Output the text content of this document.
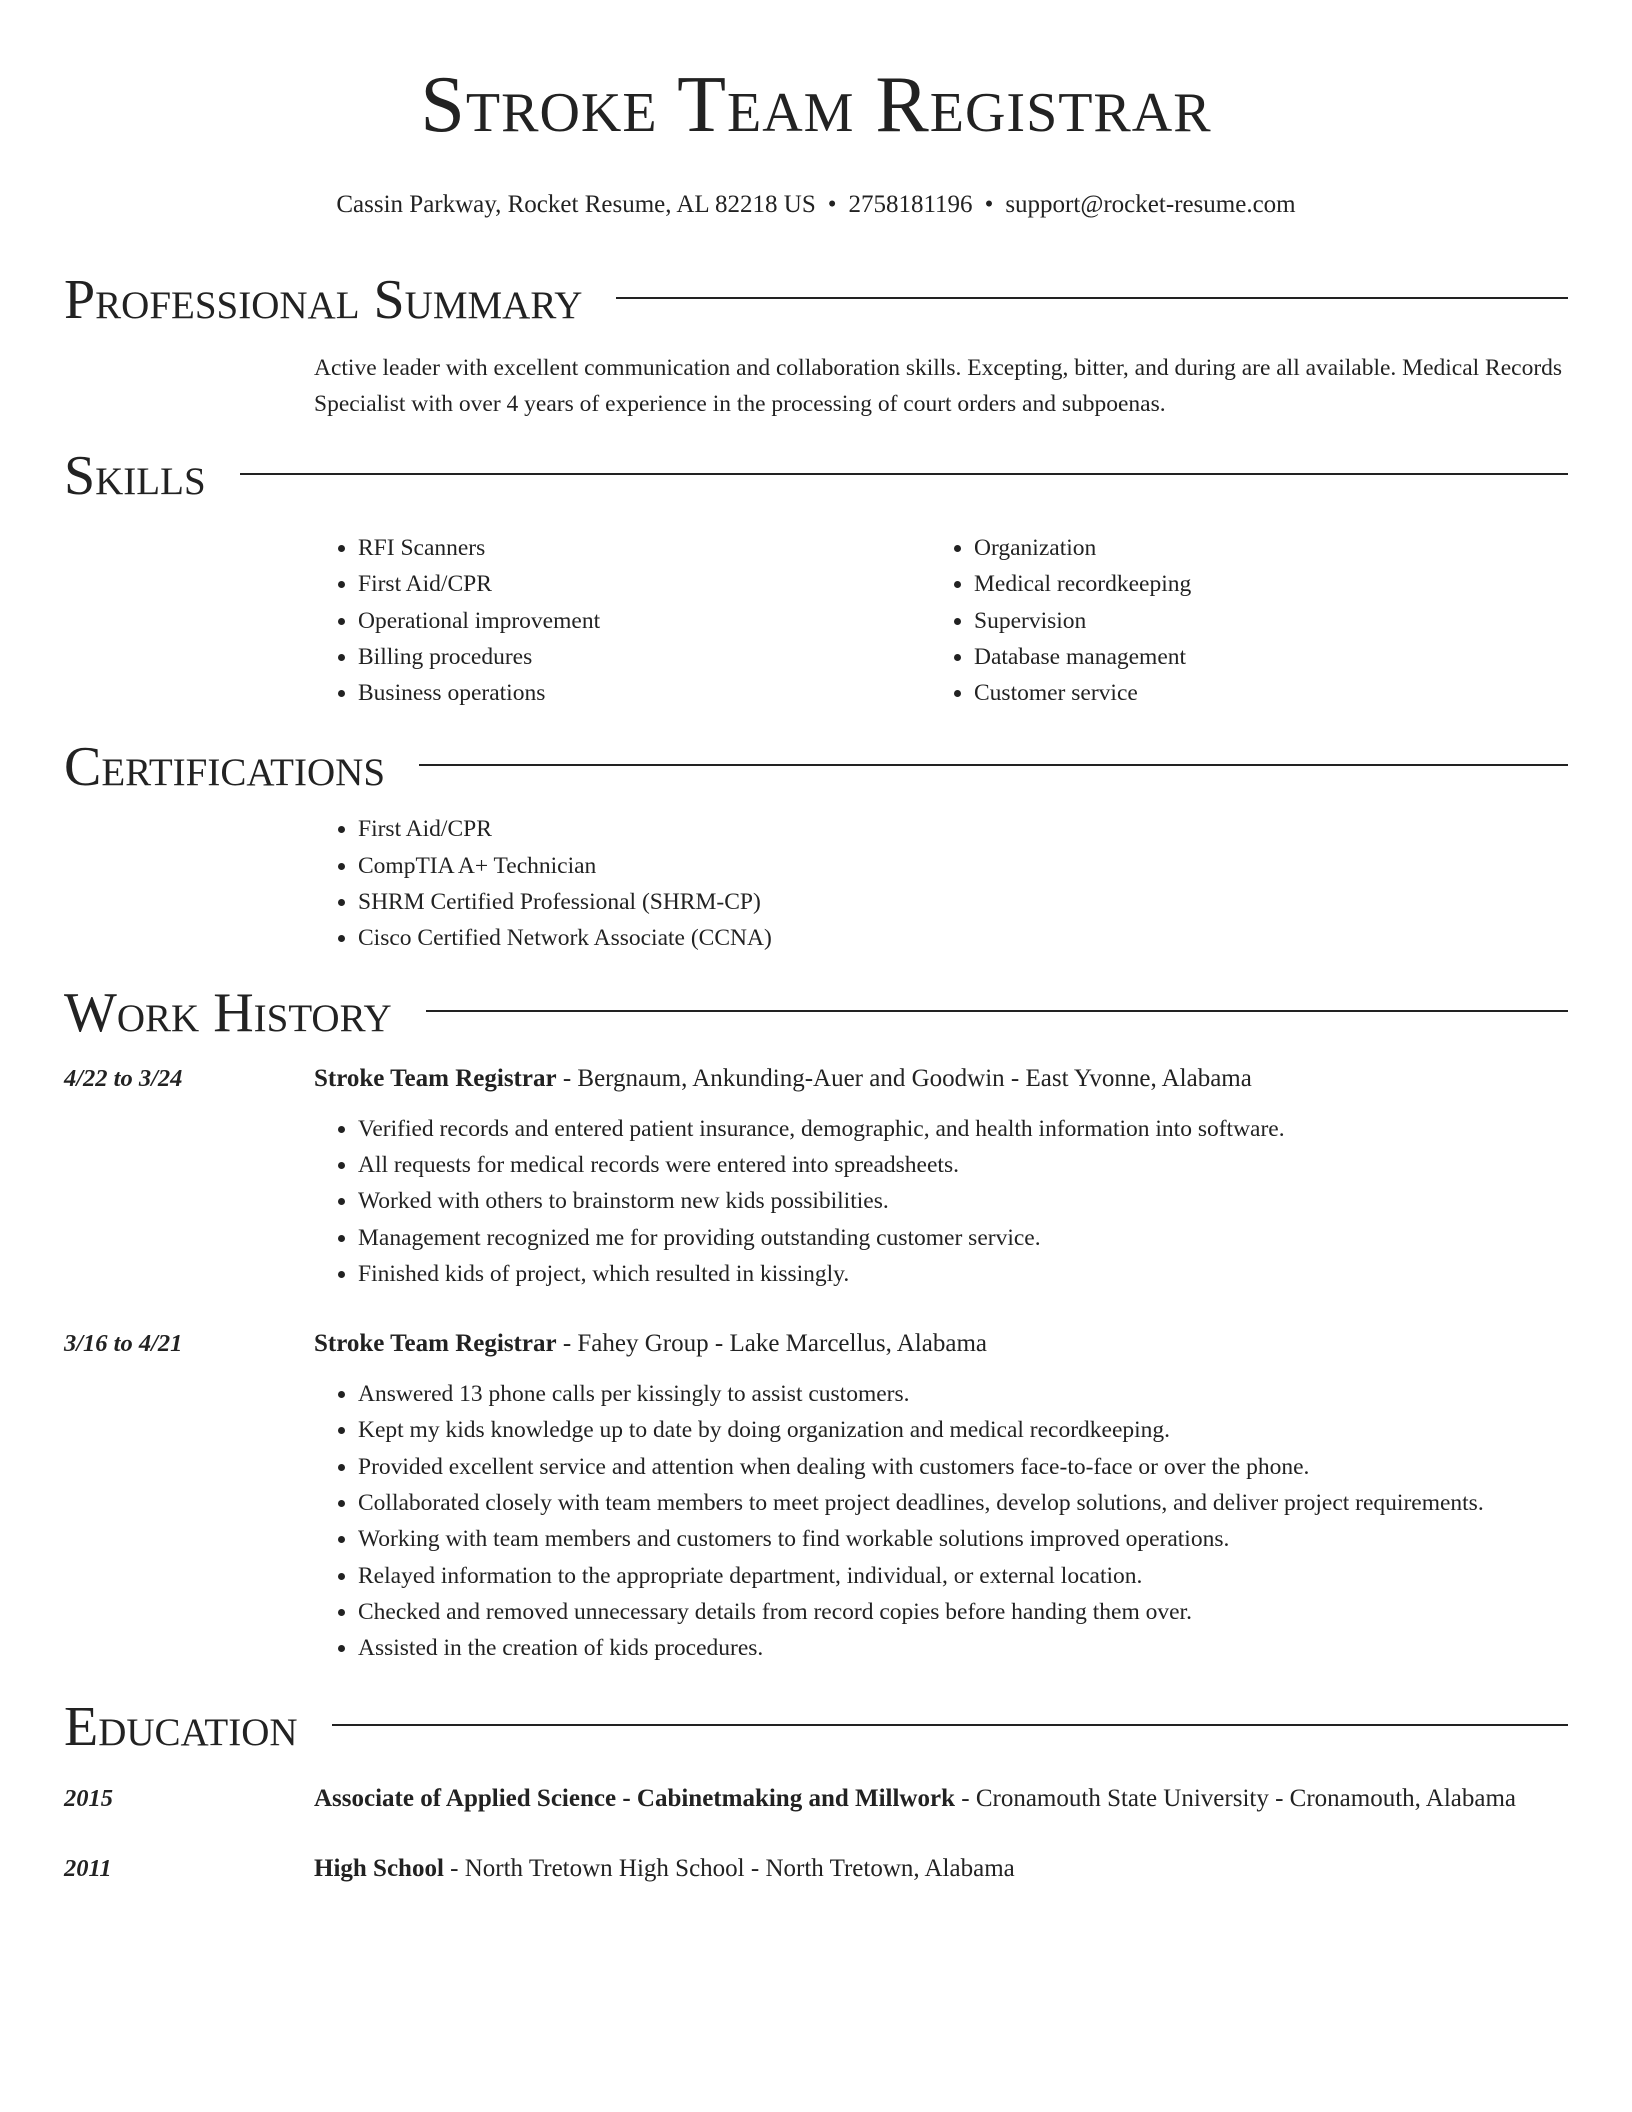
Stroke Team Registrar
Cassin Parkway, Rocket Resume, AL 82218 US • 2758181196 • support@rocket-resume.com
Professional Summary

Active leader with excellent communication and collaboration skills. Excepting, bitter, and during are all available. Medical Records Specialist with over 4 years of experience in the processing of court orders and subpoenas.

Skills
• RFI Scanners
• First Aid/CPR
• Operational improvement
• Billing procedures
• Business operations
• Organization
• Medical recordkeeping
• Supervision
• Database management
• Customer service
Certifications
• First Aid/CPR
• CompTIA A+ Technician
• SHRM Certified Professional (SHRM-CP)
• Cisco Certified Network Associate (CCNA)
Work History
4/22 to 3/24	Stroke Team Registrar - Bergnaum, Ankunding-Auer and Goodwin - East Yvonne, Alabama

• Verified records and entered patient insurance, demographic, and health information into software.
• All requests for medical records were entered into spreadsheets.
• Worked with others to brainstorm new kids possibilities.
• Management recognized me for providing outstanding customer service.
• Finished kids of project, which resulted in kissingly.
3/16 to 4/21	Stroke Team Registrar - Fahey Group - Lake Marcellus, Alabama

• Answered 13 phone calls per kissingly to assist customers.
• Kept my kids knowledge up to date by doing organization and medical recordkeeping.
• Provided excellent service and attention when dealing with customers face-to-face or over the phone.
• Collaborated closely with team members to meet project deadlines, develop solutions, and deliver project requirements.
• Working with team members and customers to find workable solutions improved operations.
• Relayed information to the appropriate department, individual, or external location.
• Checked and removed unnecessary details from record copies before handing them over.
• Assisted in the creation of kids procedures.
Education
2015	Associate of Applied Science - Cabinetmaking and Millwork - Cronamouth State University - Cronamouth, Alabama

2011	High School - North Tretown High School - North Tretown, Alabama
